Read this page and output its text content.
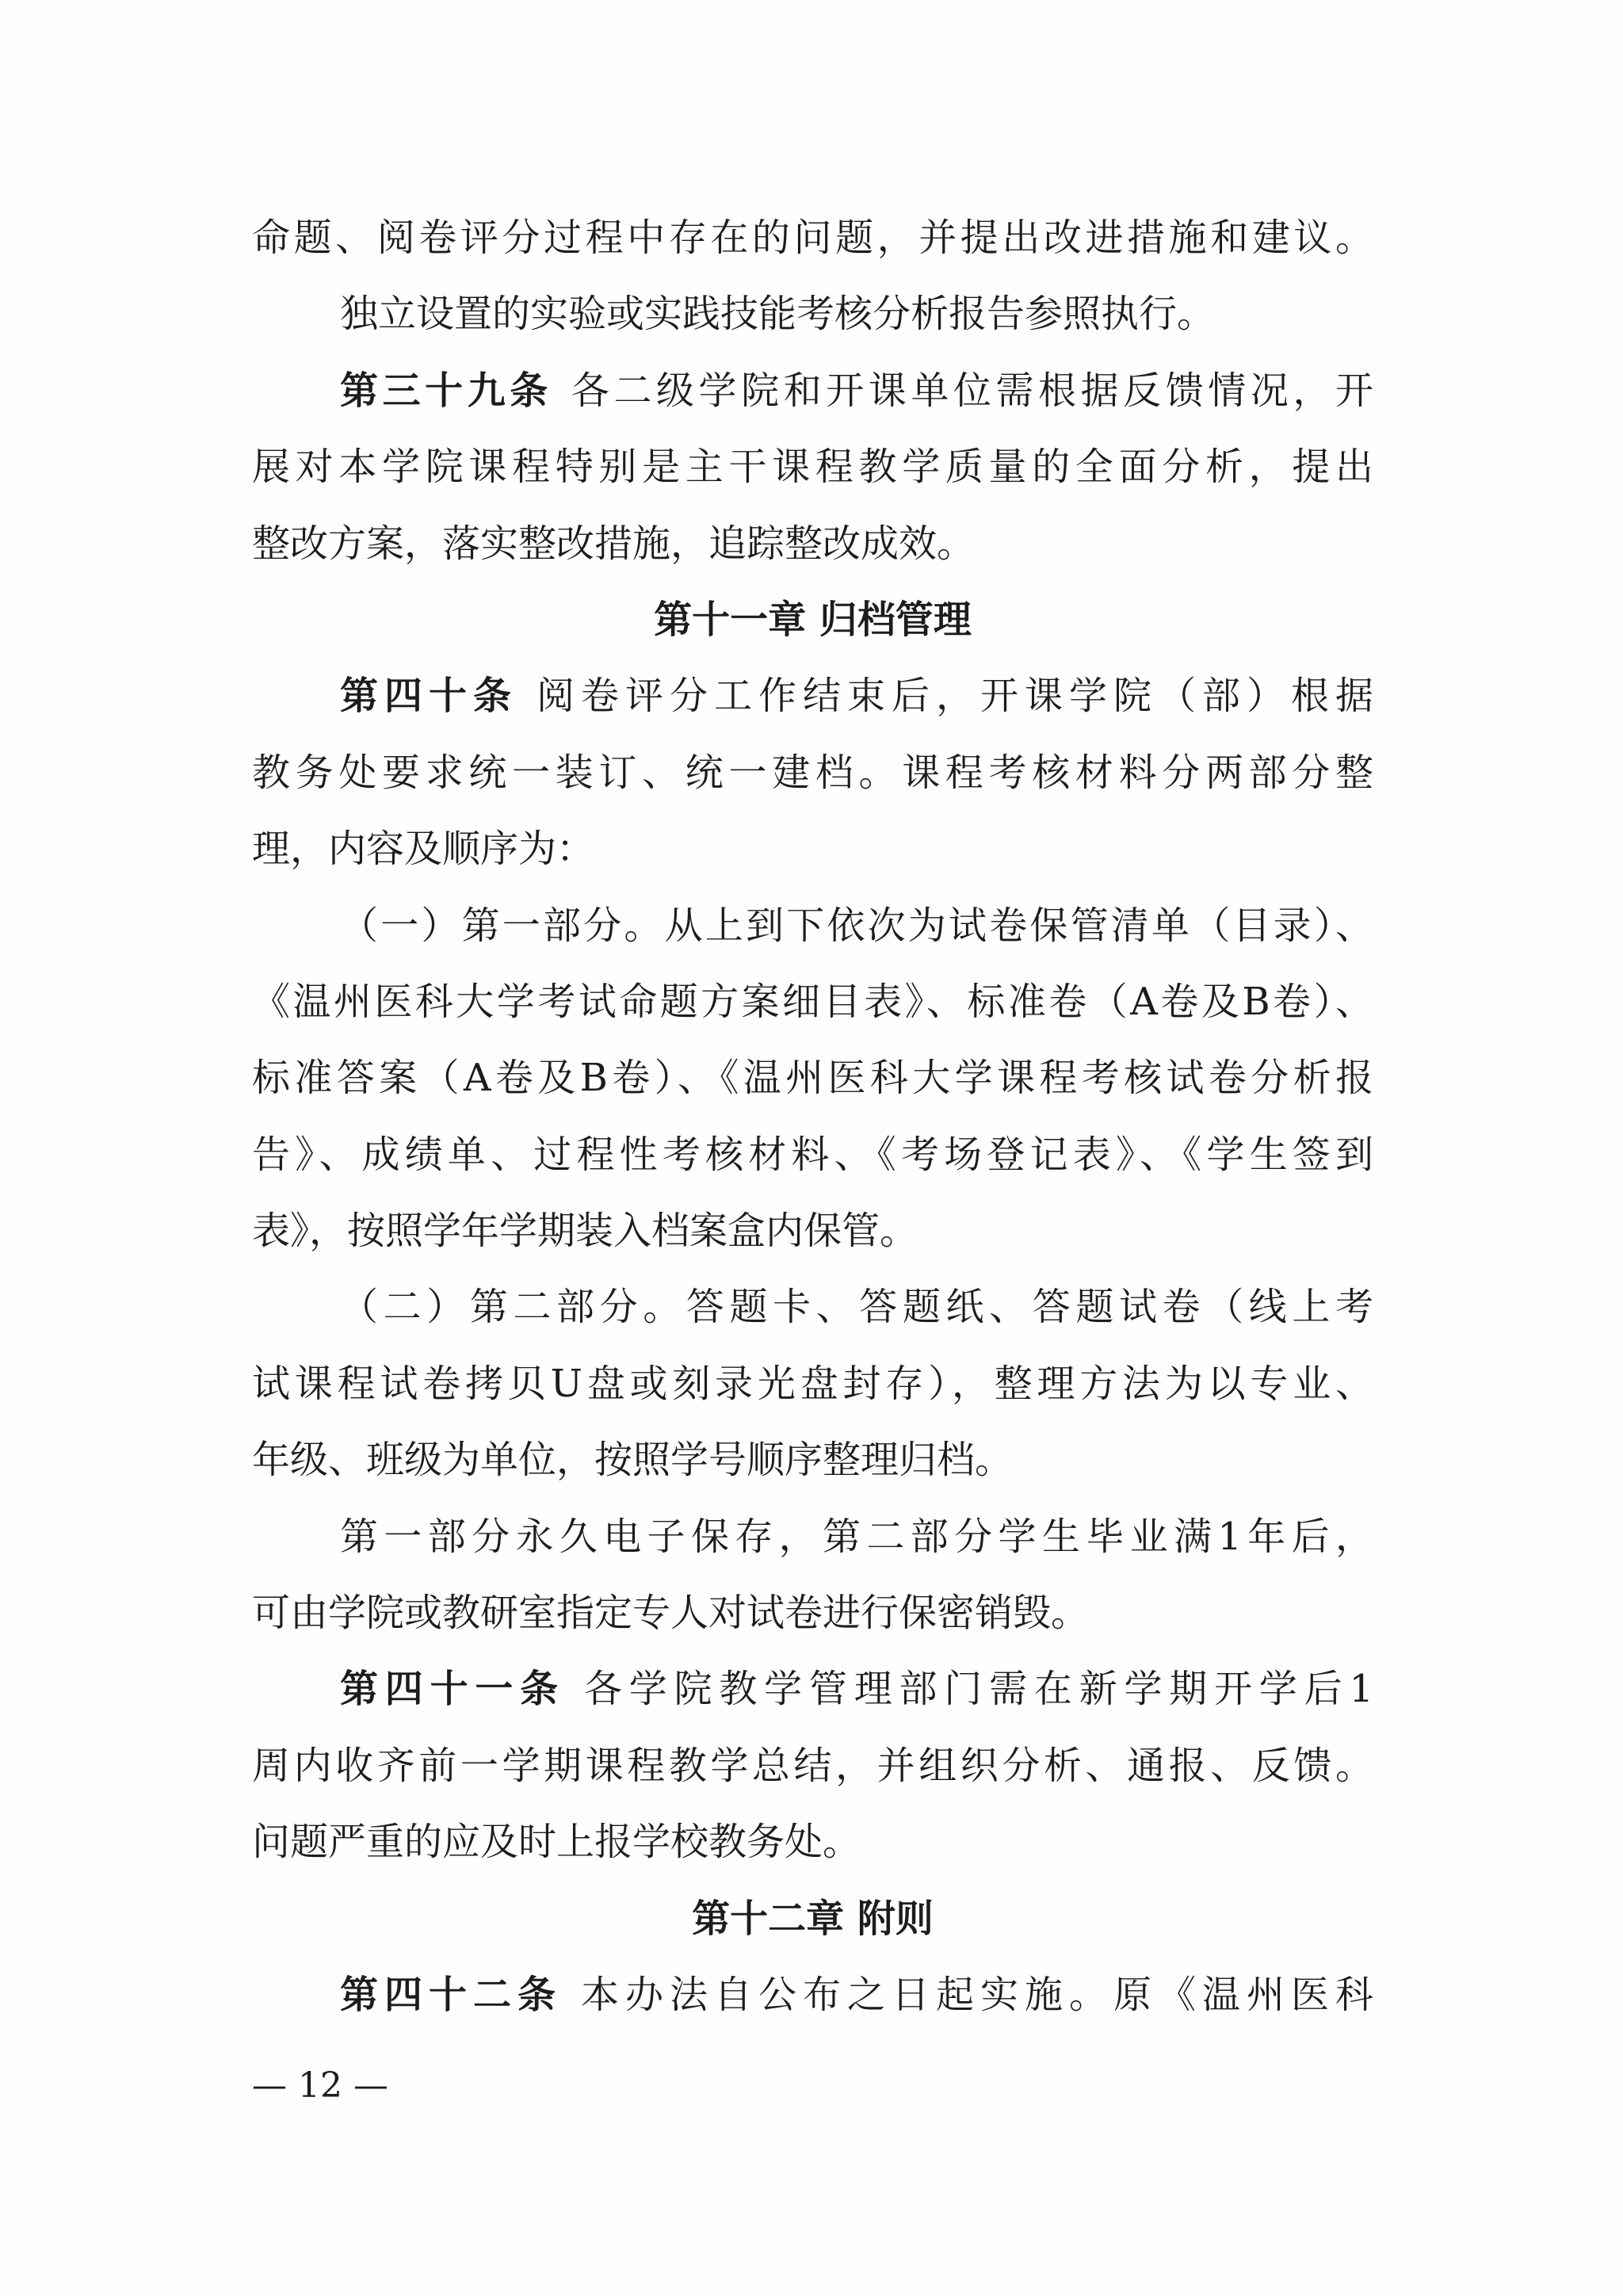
命题、阅卷评分过程中存在的问题，并提出改进措施和建议。
独立设置的实验或实践技能考核分析报告参照执行。
第三十九条 各二级学院和开课单位需根据反馈情况，开
展对本学院课程特别是主干课程教学质量的全面分析，提出
整改方案，落实整改措施，追踪整改成效。
第十一章 归档管理
第四十条 阅卷评分工作结束后，开课学院（部）根据
教务处要求统一装订、统一建档。课程考核材料分两部分整
理，内容及顺序为：
（一）第一部分。从上到下依次为试卷保管清单（目录）、
《温州医科大学考试命题方案细目表》、标准卷（A卷及B卷）、
标准答案（A卷及B卷）、《温州医科大学课程考核试卷分析报
告》、成绩单、过程性考核材料、《考场登记表》、《学生签到
表》，按照学年学期装入档案盒内保管。
（二）第二部分。答题卡、答题纸、答题试卷（线上考
试课程试卷拷贝U盘或刻录光盘封存），整理方法为以专业、
年级、班级为单位，按照学号顺序整理归档。
第一部分永久电子保存，第二部分学生毕业满1年后，
可由学院或教研室指定专人对试卷进行保密销毁。
第四十一条 各学院教学管理部门需在新学期开学后1
周内收齐前一学期课程教学总结，并组织分析、通报、反馈。
问题严重的应及时上报学校教务处。
第十二章 附则
第四十二条 本办法自公布之日起实施。原《温州医科
— 12 —
